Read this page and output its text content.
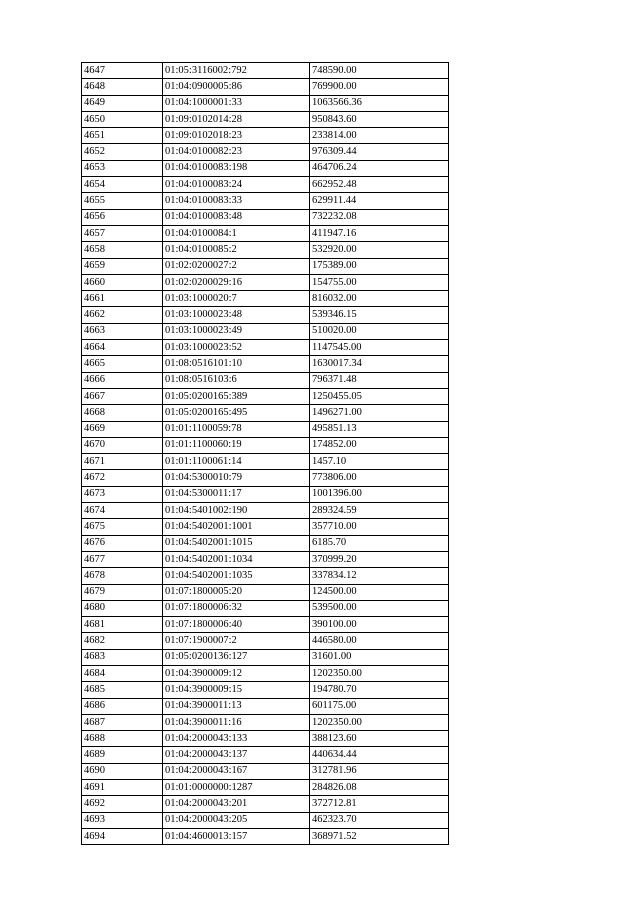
4647	01:05:3116002:792	748590.00
4648	01:04:0900005:86	769900.00
4649	01:04:1000001:33	1063566.36
4650	01:09:0102014:28	950843.60
4651	01:09:0102018:23	233814.00
4652	01:04:0100082:23	976309.44
4653	01:04:0100083:198	464706.24
4654	01:04:0100083:24	662952.48
4655	01:04:0100083:33	629911.44
4656	01:04:0100083:48	732232.08
4657	01:04:0100084:1	411947.16
4658	01:04:0100085:2	532920.00
4659	01:02:0200027:2	175389.00
4660	01:02:0200029:16	154755.00
4661	01:03:1000020:7	816032.00
4662	01:03:1000023:48	539346.15
4663	01:03:1000023:49	510020.00
4664	01:03:1000023:52	1147545.00
4665	01:08:0516101:10	1630017.34
4666	01:08:0516103:6	796371.48
4667	01:05:0200165:389	1250455.05
4668	01:05:0200165:495	1496271.00
4669	01:01:1100059:78	495851.13
4670	01:01:1100060:19	174852.00
4671	01:01:1100061:14	1457.10
4672	01:04:5300010:79	773806.00
4673	01:04:5300011:17	1001396.00
4674	01:04:5401002:190	289324.59
4675	01:04:5402001:1001	357710.00
4676	01:04:5402001:1015	6185.70
4677	01:04:5402001:1034	370999.20
4678	01:04:5402001:1035	337834.12
4679	01:07:1800005:20	124500.00
4680	01:07:1800006:32	539500.00
4681	01:07:1800006:40	390100.00
4682	01:07:1900007:2	446580.00
4683	01:05:0200136:127	31601.00
4684	01:04:3900009:12	1202350.00
4685	01:04:3900009:15	194780.70
4686	01:04:3900011:13	601175.00
4687	01:04:3900011:16	1202350.00
4688	01:04:2000043:133	388123.60
4689	01:04:2000043:137	440634.44
4690	01:04:2000043:167	312781.96
4691	01:01:0000000:1287	284826.08
4692	01:04:2000043:201	372712.81
4693	01:04:2000043:205	462323.70
4694	01:04:4600013:157	368971.52
